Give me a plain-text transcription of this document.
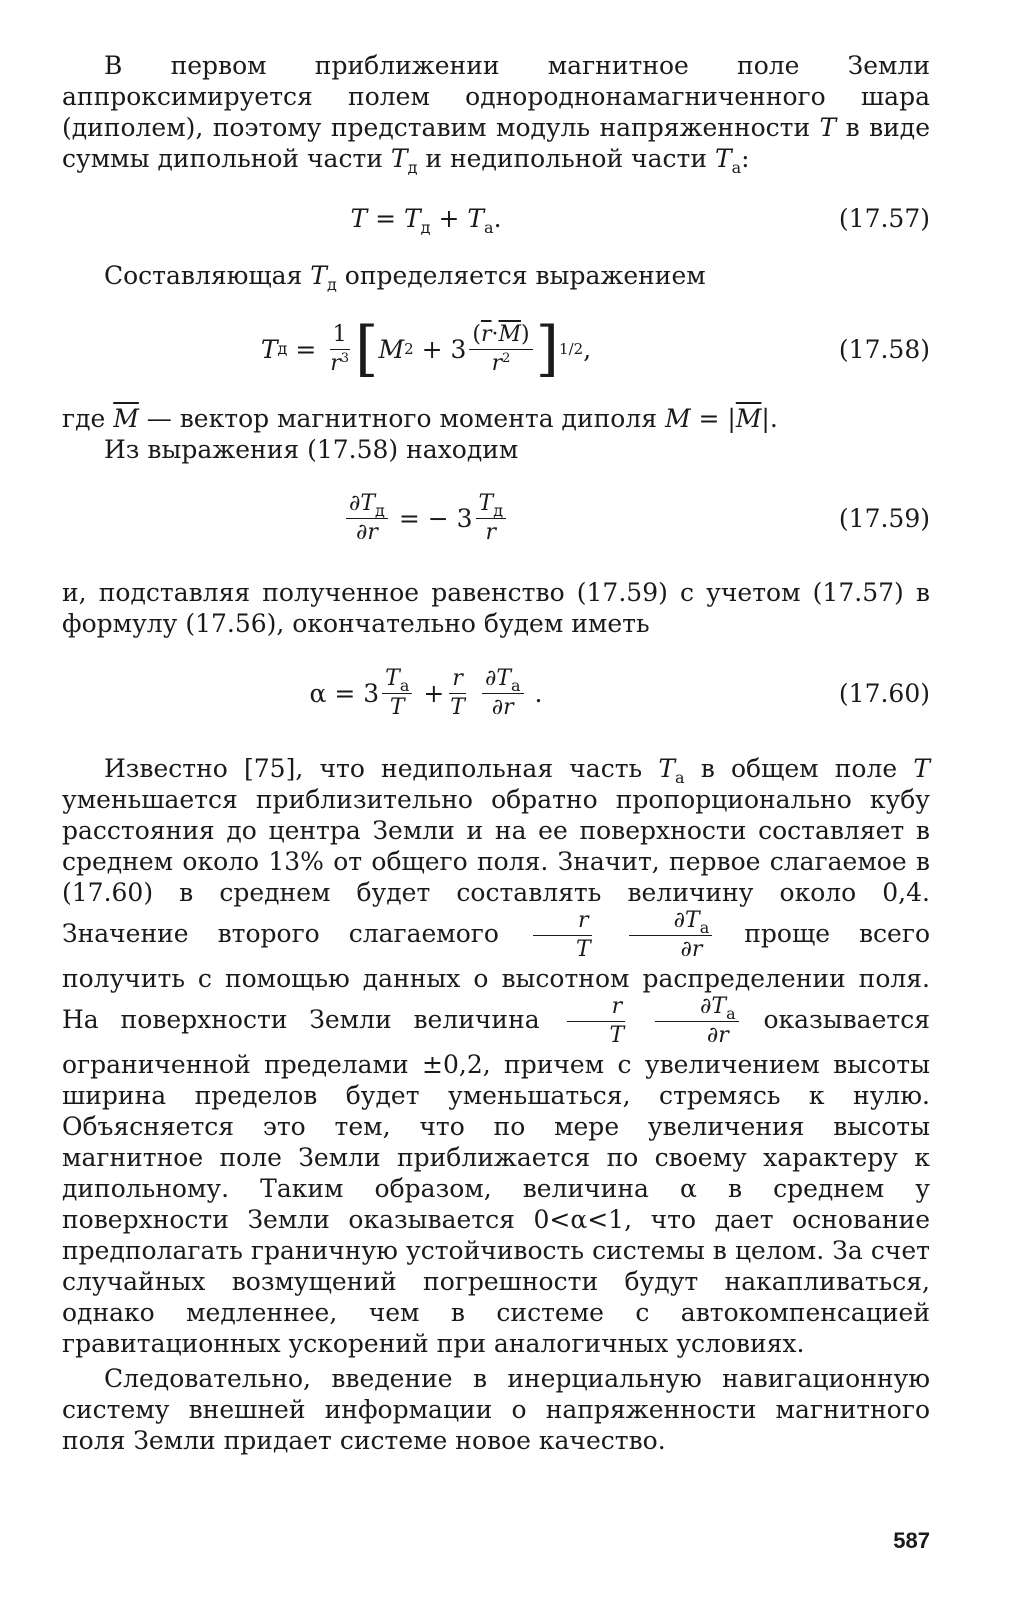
В первом приближении магнитное поле Земли аппроксимируется полем однороднонамагниченного шара (диполем), поэтому представим модуль напряженности T в виде суммы дипольной части $T_д$ и недипольной части $T_а$:

$T = T_д + T_а$.	(17.57)

Составляющая $T_д$ определяется выражением

T $д = \frac{1}{r^3}$ [ M $2 + 3 \frac{(\overline{r}\cdot\overline{M})}{r^2}$ ] 1/2 ,	(17.58)

где $\overline{M}$ — вектор магнитного момента диполя $M = |\overline{M}|$.

Из выражения (17.58) находим

$\frac{\partial T_д}{\partial r}$ = − $3 \frac{T_д}{r}$	(17.59)

и, подставляя полученное равенство (17.59) с учетом (17.57) в формулу (17.56), окончательно будем иметь

$\alpha = 3 \frac{T_а}{T} + \frac{r}{T}$
$\frac{\partial T_а}{\partial r}$ .	(17.60)

Известно [75], что недипольная часть $T_а$ в общем поле T уменьшается приблизительно обратно пропорционально кубу расстояния до центра Земли и на ее поверхности составляет в среднем около 13% от общего поля. Значит, первое слагаемое в (17.60) в среднем будет составлять величину около 0,4. Значение второго слагаемого $\frac{r}{T}$
$\frac{\partial T_а}{\partial r}$ проще всего получить с помощью данных о высотном распределении поля. На поверхности Земли величина $\frac{r}{T}$
$\frac{\partial T_а}{\partial r}$ оказывается ограниченной пределами ±0,2, причем с увеличением высоты ширина пределов будет уменьшаться, стремясь к нулю. Объясняется это тем, что по мере увеличения высоты магнитное поле Земли приближается по своему характеру к дипольному. Таким образом, величина α в среднем у поверхности Земли оказывается 0<α<1, что дает основание предполагать граничную устойчивость системы в целом. За счет случайных возмущений погрешности будут накапливаться, однако медленнее, чем в системе с автокомпенсацией гравитационных ускорений при аналогичных условиях.

Следовательно, введение в инерциальную навигационную систему внешней информации о напряженности магнитного поля Земли придает системе новое качество.

587
